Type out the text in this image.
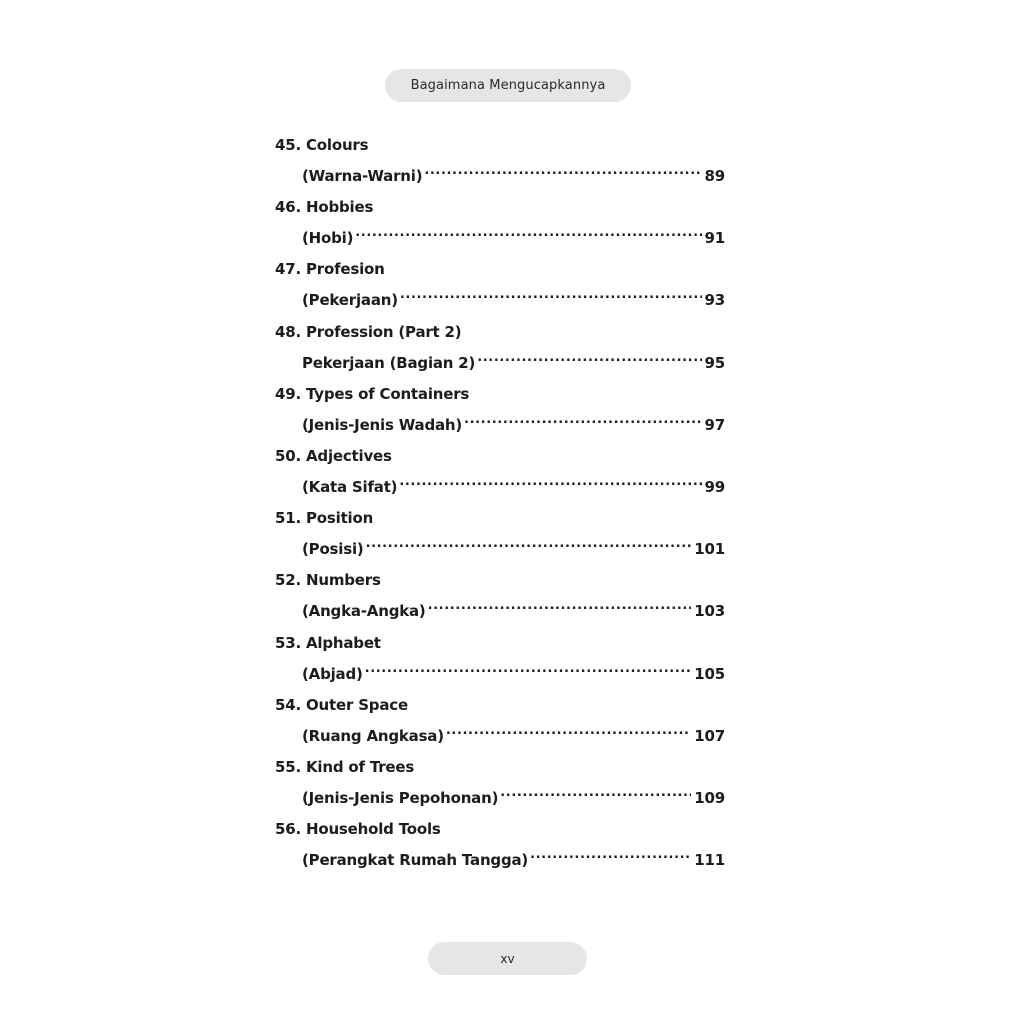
Bagaimana Mengucapkannya
45. Colours
(Warna-Warni) .....	89
46. Hobbies
(Hobi) .....	91
47. Profesion
(Pekerjaan) .....	93
48. Profession (Part 2)
Pekerjaan (Bagian 2) .....	95
49. Types of Containers
(Jenis-Jenis Wadah) .....	97
50. Adjectives
(Kata Sifat) .....	99
51. Position
(Posisi) .....	101
52. Numbers
(Angka-Angka) .....	103
53. Alphabet
(Abjad) .....	105
54. Outer Space
(Ruang Angkasa) .....	107
55. Kind of Trees
(Jenis-Jenis Pepohonan) .....	109
56. Household Tools
(Perangkat Rumah Tangga) .....	111
xv
